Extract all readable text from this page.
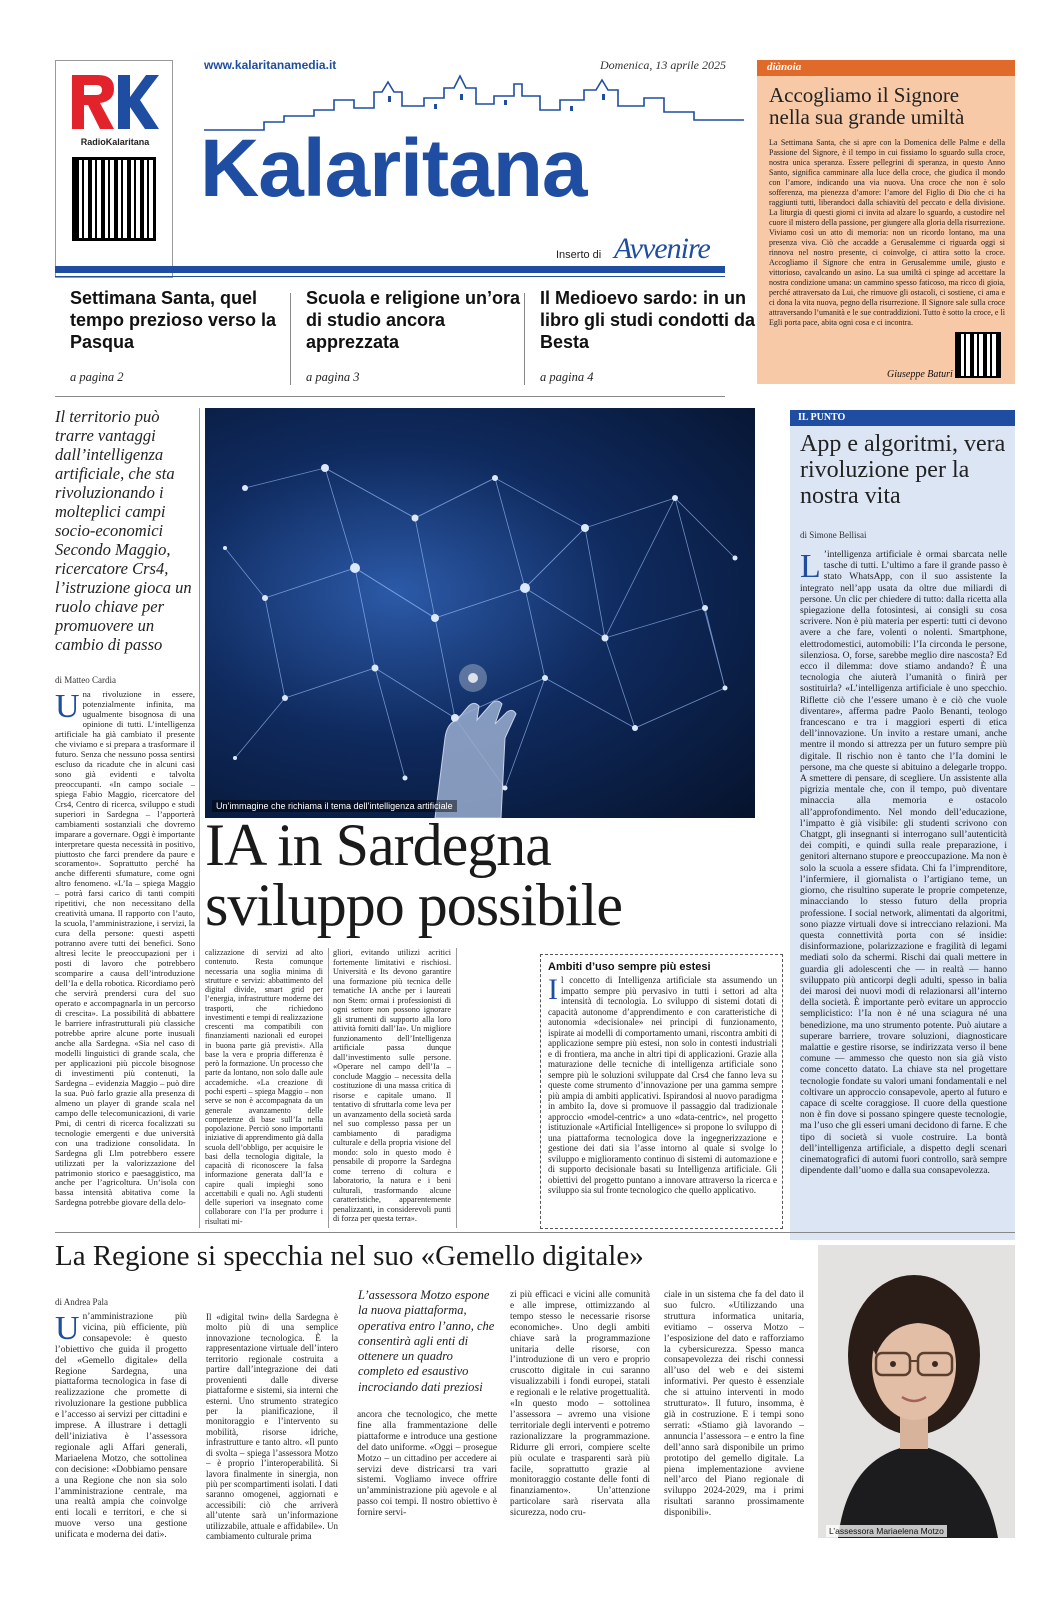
RadioKalaritana
www.kalaritanamedia.it	Domenica, 13 aprile 2025
Kalaritana
Inserto di Avvenire
Settimana Santa, quel tempo prezioso verso la Pasqua
a pagina 2
Scuola e religione un’ora di studio ancora apprezzata
a pagina 3
Il Medioevo sardo: in un libro gli studi condotti da Besta
a pagina 4
diànoia
Accogliamo il Signore nella sua grande umiltà
La Settimana Santa, che si apre con la Domenica delle Palme e della Passione del Signore, è il tempo in cui fissiamo lo sguardo sulla croce, nostra unica speranza. Essere pellegrini di speranza, in questo Anno Santo, significa camminare alla luce della croce, che giudica il mondo con l’amore, indicando una via nuova. Una croce che non è solo sofferenza, ma pienezza d’amore: l’amore del Figlio di Dio che ci ha raggiunti tutti, liberandoci dalla schiavitù del peccato e della divisione. La liturgia di questi giorni ci invita ad alzare lo sguardo, a custodire nel cuore il mistero della passione, per giungere alla gloria della risurrezione. Viviamo così un atto di memoria: non un ricordo lontano, ma una presenza viva. Ciò che accadde a Gerusalemme ci riguarda oggi si rinnova nel nostro presente, ci coinvolge, ci attira sotto la croce. Accogliamo il Signore che entra in Gerusalemme umile, giusto e vittorioso, cavalcando un asino. La sua umiltà ci spinge ad accettare la nostra condizione umana: un cammino spesso faticoso, ma ricco di gioia, perché attraversato da Lui, che rimuove gli ostacoli, ci sostiene, ci ama e ci dona la vita nuova, pegno della risurrezione. Il Signore sale sulla croce attraversando l’umanità e le sue contraddizioni. Tutto è sotto la croce, e lì Egli porta pace, abita ogni cosa e ci incontra.
Giuseppe Baturi
Il territorio può trarre vantaggi dall’intelligenza artificiale, che sta rivoluzionando i molteplici campi socio-economici Secondo Maggio, ricercatore Crs4, l’istruzione gioca un ruolo chiave per promuovere un cambio di passo
di Matteo Cardia
Una rivoluzione in essere, potenzialmente infinita, ma ugualmente bisognosa di una opinione di tutti. L’intelligenza artificiale ha già cambiato il presente che viviamo e si prepara a trasformare il futuro. Senza che nessuno possa sentirsi escluso da ricadute che in alcuni casi sono già evidenti e talvolta preoccupanti. «In campo sociale – spiega Fabio Maggio, ricercatore del Crs4, Centro di ricerca, sviluppo e studi superiori in Sardegna – l’apporterà cambiamenti sostanziali che dovremo imparare a governare. Oggi è importante interpretare questa necessità in positivo, piuttosto che farci prendere da paure e scoramento». Soprattutto perché ha anche differenti sfumature, come ogni altro fenomeno. «L’Ia – spiega Maggio – potrà farsi carico di tanti compiti ripetitivi, che non necessitano della creatività umana. Il rapporto con l’auto, la scuola, l’amministrazione, i servizi, la cura della persone: questi aspetti potranno avere tutti dei benefici. Sono altresì lecite le preoccupazioni per i posti di lavoro che potrebbero scomparire a causa dell’introduzione dell’Ia e della robotica. Ricordiamo però che servirà prendersi cura del suo operato e accompagnarla in un percorso di crescita». La possibilità di abbattere le barriere infrastrutturali più classiche potrebbe aprire alcune porte inusuali anche alla Sardegna. «Sia nel caso di modelli linguistici di grande scala, che per applicazioni più piccole bisognose di investimenti più contenuti, la Sardegna – evidenzia Maggio – può dire la sua. Può farlo grazie alla presenza di almeno un player di grande scala nel campo delle telecomunicazioni, di varie Pmi, di centri di ricerca focalizzati su tecnologie emergenti e due università con una tradizione consolidata. In Sardegna gli Llm potrebbero essere utilizzati per la valorizzazione del patrimonio storico e paesaggistico, ma anche per l’agricoltura. Un’isola con bassa intensità abitativa come la Sardegna potrebbe giovare della delo-
Un’immagine che richiama il tema dell’intelligenza artificiale
IA in Sardegna
sviluppo possibile
calizzazione di servizi ad alto contenuto. Resta comunque necessaria una soglia minima di strutture e servizi: abbattimento del digital divide, smart grid per l’energia, infrastrutture moderne dei trasporti, che richiedono investimenti e tempi di realizzazione crescenti ma compatibili con finanziamenti nazionali ed europei in buona parte già previsti». Alla base la vera e propria differenza è però la formazione. Un processo che parte da lontano, non solo dalle aule accademiche. «La creazione di pochi esperti – spiega Maggio – non serve se non è accompagnata da un generale avanzamento delle competenze di base sull’Ia nella popolazione. Perciò sono importanti iniziative di apprendimento già dalla scuola dell’obbligo, per acquisire le basi della tecnologia digitale, la capacità di riconoscere la falsa informazione generata dall’Ia e capire quali impieghi sono accettabili e quali no. Agli studenti delle superiori va insegnato come collaborare con l’Ia per produrre i risultati mi-
gliori, evitando utilizzi acritici fortemente limitativi e rischiosi. Università e Its devono garantire una formazione più tecnica delle tematiche IA anche per i laureati non Stem: ormai i professionisti di ogni settore non possono ignorare gli strumenti di supporto alla loro attività forniti dall’Ia». Un migliore funzionamento dell’Intelligenza artificiale passa dunque dall’investimento sulle persone. «Operare nel campo dell’Ia – conclude Maggio – necessita della costituzione di una massa critica di risorse e capitale umano. Il tentativo di sfruttarla come leva per un avanzamento della società sarda nel suo complesso passa per un cambiamento di paradigma culturale e della propria visione del mondo: solo in questo modo è pensabile di proporre la Sardegna come terreno di coltura e laboratorio, la natura e i beni culturali, trasformando alcune caratteristiche, apparentemente penalizzanti, in considerevoli punti di forza per questa terra».
Ambiti d’uso sempre più estesi
Il concetto di Intelligenza artificiale sta assumendo un impatto sempre più pervasivo in tutti i settori ad alta intensità di tecnologia. Lo sviluppo di sistemi dotati di capacità autonome d’apprendimento e con caratteristiche di autonomia «decisionale» nei principi di funzionamento, ispirate ai modelli di comportamento umani, riscontra ambiti di applicazione sempre più estesi, non solo in contesti industriali e di frontiera, ma anche in altri tipi di applicazioni. Grazie alla maturazione delle tecniche di intelligenza artificiale sono sempre più le soluzioni sviluppate dal Crs4 che fanno leva su queste come strumento d’innovazione per una gamma sempre più ampia di ambiti applicativi. Ispirandosi al nuovo paradigma in ambito Ia, dove si promuove il passaggio dal tradizionale approccio «model-centric» a uno «data-centric», nel progetto istituzionale «Artificial Intelligence» si propone lo sviluppo di una piattaforma tecnologica dove la ingegnerizzazione e gestione dei dati sia l’asse intorno al quale si svolge lo sviluppo e miglioramento continuo di sistemi di automazione e di supporto decisionale basati su Intelligenza artificiale. Gli obiettivi del progetto puntano a innovare attraverso la ricerca e sviluppo sia sul fronte tecnologico che quello applicativo.
IL PUNTO
App e algoritmi, vera rivoluzione per la nostra vita
di Simone Bellisai
L ’intelligenza artificiale è ormai sbarcata nelle tasche di tutti. L’ultimo a fare il grande passo è stato WhatsApp, con il suo assistente Ia integrato nell’app usata da oltre due miliardi di persone. Un clic per chiedere di tutto: dalla ricetta alla spiegazione della fotosintesi, ai consigli su cosa scrivere. Non è più materia per esperti: tutti ci devono avere a che fare, volenti o nolenti. Smartphone, elettrodomestici, automobili: l’Ia circonda le persone, silenziosa. O, forse, sarebbe meglio dire nascosta? Ed ecco il dilemma: dove stiamo andando? È una tecnologia che aiuterà l’umanità o finirà per sostituirla? «L’intelligenza artificiale è uno specchio. Riflette ciò che l’essere umano è e ciò che vuole diventare», afferma padre Paolo Benanti, teologo francescano e tra i maggiori esperti di etica dell’innovazione. Un invito a restare umani, anche mentre il mondo si attrezza per un futuro sempre più digitale. Il rischio non è tanto che l’Ia domini le persone, ma che queste si abituino a delegarle troppo. A smettere di pensare, di scegliere. Un assistente alla pigrizia mentale che, con il tempo, può diventare minaccia alla memoria e ostacolo all’approfondimento. Nel mondo dell’educazione, l’impatto è già visibile: gli studenti scrivono con Chatgpt, gli insegnanti si interrogano sull’autenticità dei compiti, e quindi sulla reale preparazione, i genitori alternano stupore e preoccupazione. Ma non è solo la scuola a essere sfidata. Chi fa l’imprenditore, l’infermiere, il giornalista o l’artigiano teme, un giorno, che risultino superate le proprie competenze, minacciando lo stesso futuro della propria professione. I social network, alimentati da algoritmi, sono piazze virtuali dove si intrecciano relazioni. Ma questa connettività porta con sé insidie: disinformazione, polarizzazione e fragilità di legami mediati solo da schermi. Rischi dai quali mettere in guardia gli adolescenti che — in realtà — hanno sviluppato più anticorpi degli adulti, spesso in balia dei marosi dei nuovi modi di relazionarsi all’interno della società. È importante però evitare un approccio semplicistico: l’Ia non è né una sciagura né una benedizione, ma uno strumento potente. Può aiutare a superare barriere, trovare soluzioni, diagnosticare malattie e gestire risorse, se indirizzata verso il bene comune — ammesso che questo non sia già visto come concetto datato. La chiave sta nel progettare tecnologie fondate su valori umani fondamentali e nel coltivare un approccio consapevole, aperto al futuro e capace di scelte coraggiose. Il cuore della questione non è fin dove si possano spingere queste tecnologie, ma l’uso che gli esseri umani decidono di farne. E che tipo di società si vuole costruire. La bontà dell’intelligenza artificiale, a dispetto degli scenari cinematografici di automi fuori controllo, sarà sempre dipendente dall’uomo e dalla sua consapevolezza.
La Regione si specchia nel suo «Gemello digitale»
di Andrea Pala
Un’amministrazione più vicina, più efficiente, più consapevole: è questo l’obiettivo che guida il progetto del «Gemello digitale» della Regione Sardegna, una piattaforma tecnologica in fase di realizzazione che promette di rivoluzionare la gestione pubblica e l’accesso ai servizi per cittadini e imprese. A illustrare i dettagli dell’iniziativa è l’assessora regionale agli Affari generali, Mariaelena Motzo, che sottolinea con decisione: «Dobbiamo pensare a una Regione che non sia solo l’amministrazione centrale, ma una realtà ampia che coinvolge enti locali e territori, e che si muove verso una gestione unificata e moderna dei dati».
Il «digital twin» della Sardegna è molto più di una semplice innovazione tecnologica. È la rappresentazione virtuale dell’intero territorio regionale costruita a partire dall’integrazione dei dati provenienti dalle diverse piattaforme e sistemi, sia interni che esterni. Uno strumento strategico per la pianificazione, il monitoraggio e l’intervento su mobilità, risorse idriche, infrastrutture e tanto altro. «Il punto di svolta – spiega l’assessora Motzo – è proprio l’interoperabilità. Si lavora finalmente in sinergia, non più per scompartimenti isolati. I dati saranno omogenei, aggiornati e accessibili: ciò che arriverà all’utente sarà un’informazione utilizzabile, attuale e affidabile». Un cambiamento culturale prima
L’assessora Motzo espone la nuova piattaforma, operativa entro l’anno, che consentirà agli enti di ottenere un quadro completo ed esaustivo incrociando dati preziosi
ancora che tecnologico, che mette fine alla frammentazione delle piattaforme e introduce una gestione del dato uniforme. «Oggi – prosegue Motzo – un cittadino per accedere ai servizi deve districarsi tra vari sistemi. Vogliamo invece offrire un’amministrazione più agevole e al passo coi tempi. Il nostro obiettivo è fornire servi-
zi più efficaci e vicini alle comunità e alle imprese, ottimizzando al tempo stesso le necessarie risorse economiche». Uno degli ambiti chiave sarà la programmazione unitaria delle risorse, con l’introduzione di un vero e proprio cruscotto digitale in cui saranno visualizzabili i fondi europei, statali e regionali e le relative progettualità. «In questo modo – sottolinea l’assessora – avremo una visione territoriale degli interventi e potremo razionalizzare la programmazione. Ridurre gli errori, compiere scelte più oculate e trasparenti sarà più facile, soprattutto grazie al monitoraggio costante delle fonti di finanziamento». Un’attenzione particolare sarà riservata alla sicurezza, nodo cru-
ciale in un sistema che fa del dato il suo fulcro. «Utilizzando una struttura informatica unitaria, evitiamo – osserva Motzo – l’esposizione del dato e rafforziamo la cybersicurezza. Spesso manca consapevolezza dei rischi connessi all’uso del web e dei sistemi informativi. Per questo è essenziale che si attuino interventi in modo strutturato». Il futuro, insomma, è già in costruzione. E i tempi sono serrati: «Stiamo già lavorando – annuncia l’assessora – e entro la fine dell’anno sarà disponibile un primo prototipo del gemello digitale. La piena implementazione avviene nell’arco del Piano regionale di sviluppo 2024-2029, ma i primi risultati saranno prossimamente disponibili».
L’assessora Mariaelena Motzo
